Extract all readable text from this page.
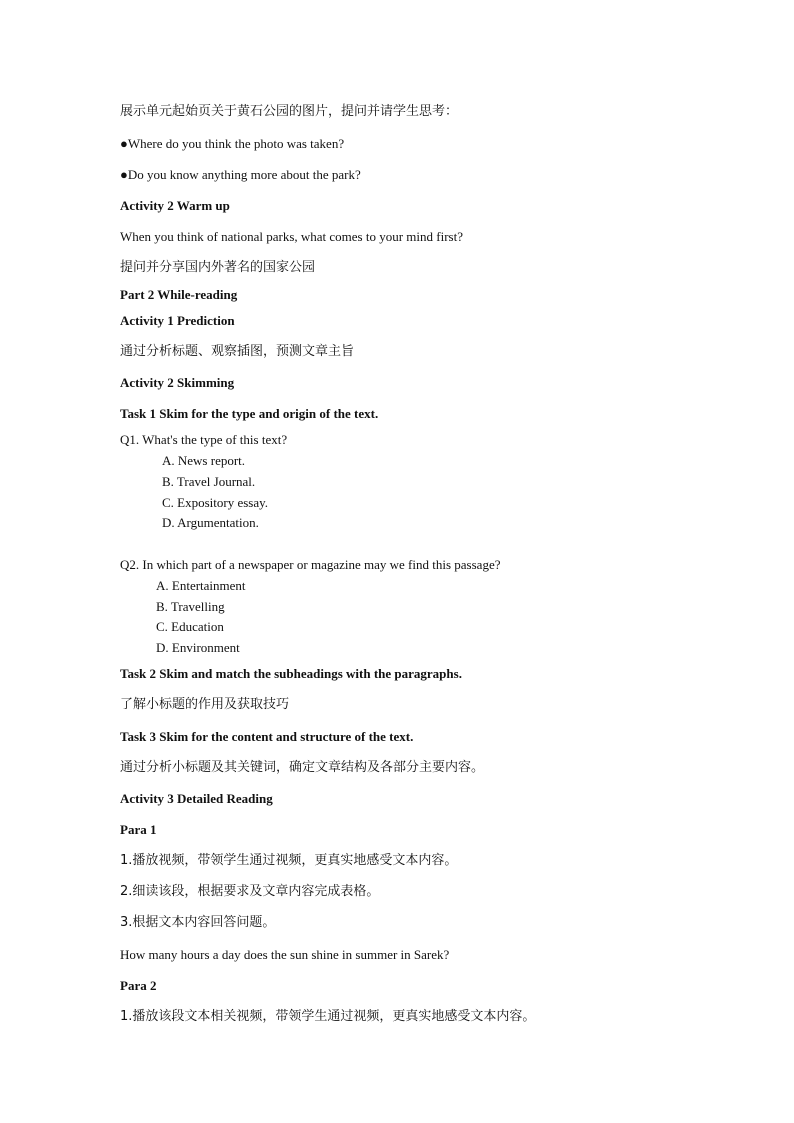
展示单元起始页关于黄石公园的图片，提问并请学生思考：
●Where do you think the photo was taken?
●Do you know anything more about the park?
Activity 2 Warm up
When you think of national parks, what comes to your mind first?
提问并分享国内外著名的国家公园
Part 2 While-reading
Activity 1 Prediction
通过分析标题、观察插图，预测文章主旨
Activity 2 Skimming
Task 1 Skim for the type and origin of the text.
Q1. What's the type of this text?
A. News report.
B. Travel Journal.
C. Expository essay.
D. Argumentation.
Q2. In which part of a newspaper or magazine may we find this passage?
A. Entertainment
B. Travelling
C. Education
D. Environment
Task 2 Skim and match the subheadings with the paragraphs.
了解小标题的作用及获取技巧
Task 3 Skim for the content and structure of the text.
通过分析小标题及其关键词，确定文章结构及各部分主要内容。
Activity 3 Detailed Reading
Para 1
1.播放视频，带领学生通过视频，更真实地感受文本内容。
2.细读该段，根据要求及文章内容完成表格。
3.根据文本内容回答问题。
How many hours a day does the sun shine in summer in Sarek?
Para 2
1.播放该段文本相关视频，带领学生通过视频，更真实地感受文本内容。
